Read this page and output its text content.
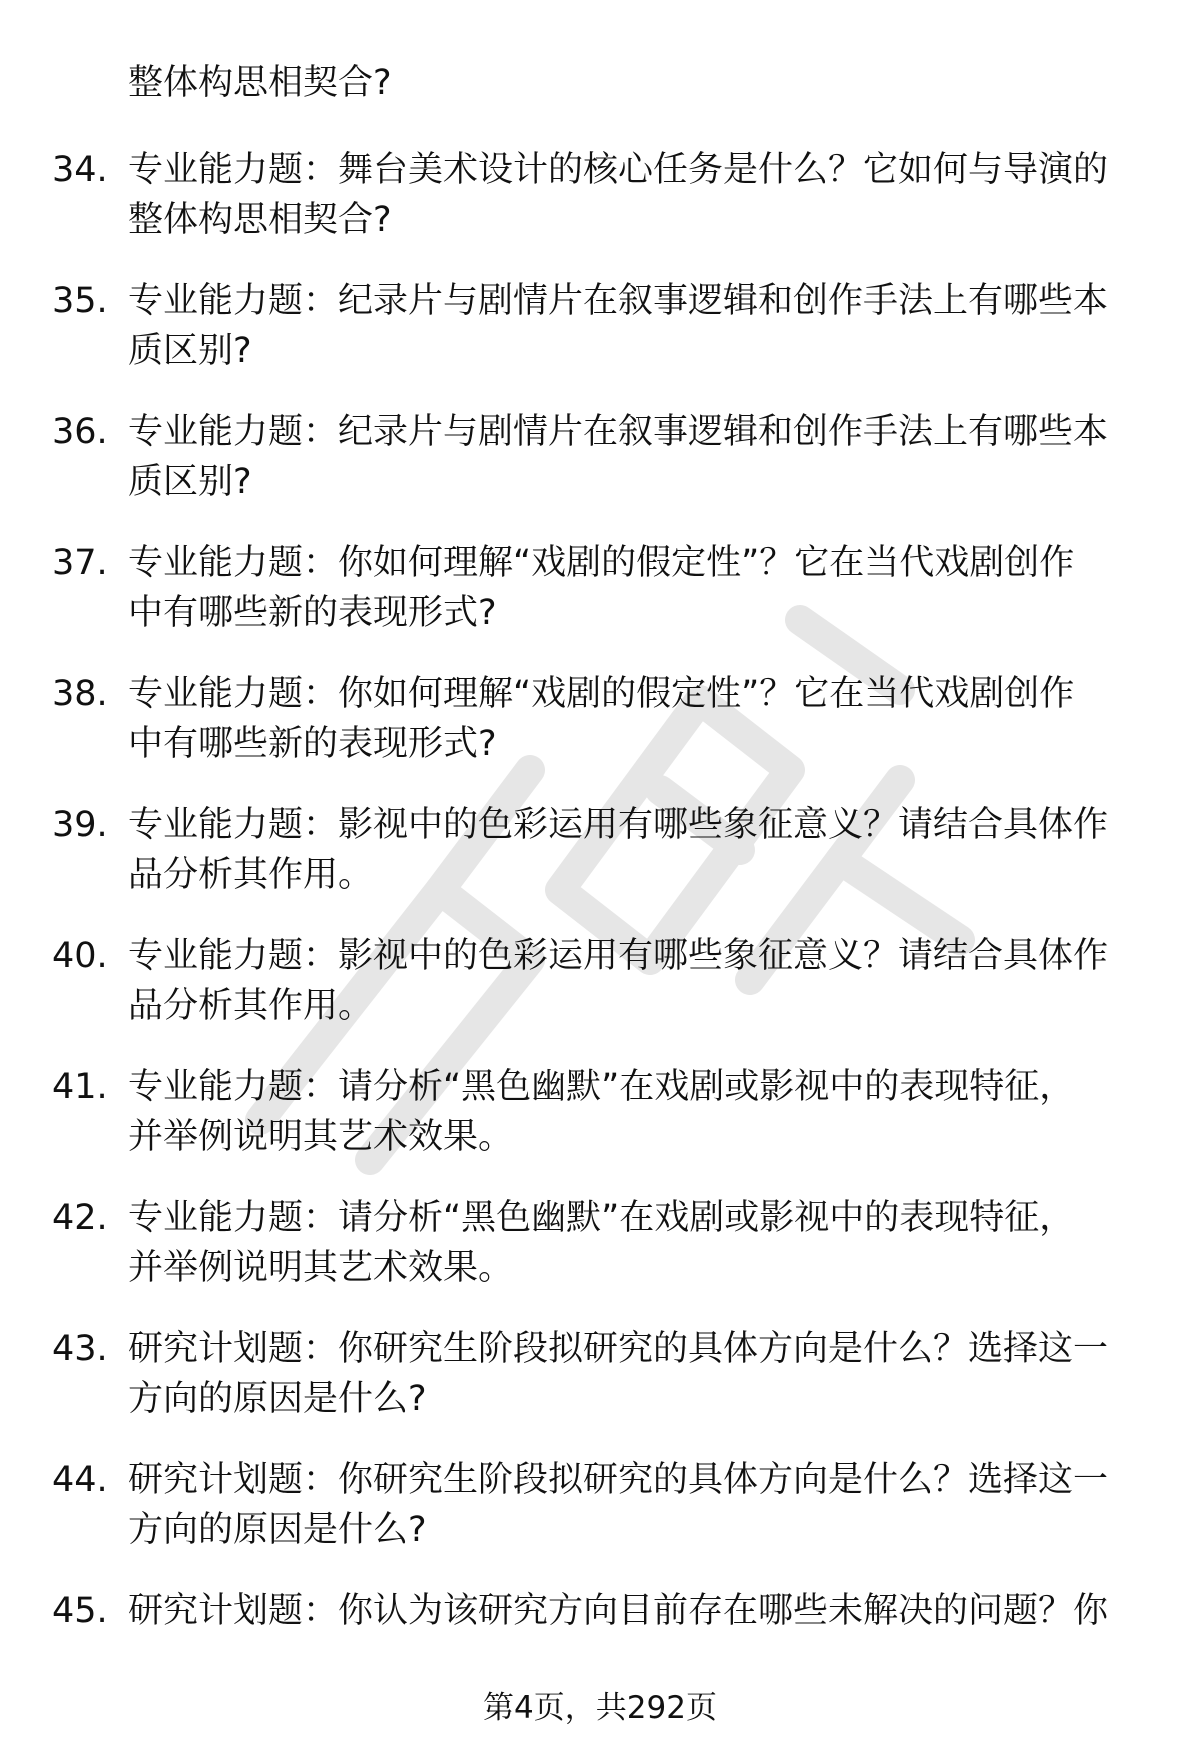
整体构思相契合?
34. 专业能力题：舞台美术设计的核心任务是什么？它如何与导演的
整体构思相契合?
35. 专业能力题：纪录片与剧情片在叙事逻辑和创作手法上有哪些本
质区别?
36. 专业能力题：纪录片与剧情片在叙事逻辑和创作手法上有哪些本
质区别?
37. 专业能力题：你如何理解“戏剧的假定性”？它在当代戏剧创作
中有哪些新的表现形式?
38. 专业能力题：你如何理解“戏剧的假定性”？它在当代戏剧创作
中有哪些新的表现形式?
39. 专业能力题：影视中的色彩运用有哪些象征意义？请结合具体作
品分析其作用。
40. 专业能力题：影视中的色彩运用有哪些象征意义？请结合具体作
品分析其作用。
41. 专业能力题：请分析“黑色幽默”在戏剧或影视中的表现特征，
并举例说明其艺术效果。
42. 专业能力题：请分析“黑色幽默”在戏剧或影视中的表现特征，
并举例说明其艺术效果。
43. 研究计划题：你研究生阶段拟研究的具体方向是什么？选择这一
方向的原因是什么?
44. 研究计划题：你研究生阶段拟研究的具体方向是什么？选择这一
方向的原因是什么?
45. 研究计划题：你认为该研究方向目前存在哪些未解决的问题？你
第4页，共292页
